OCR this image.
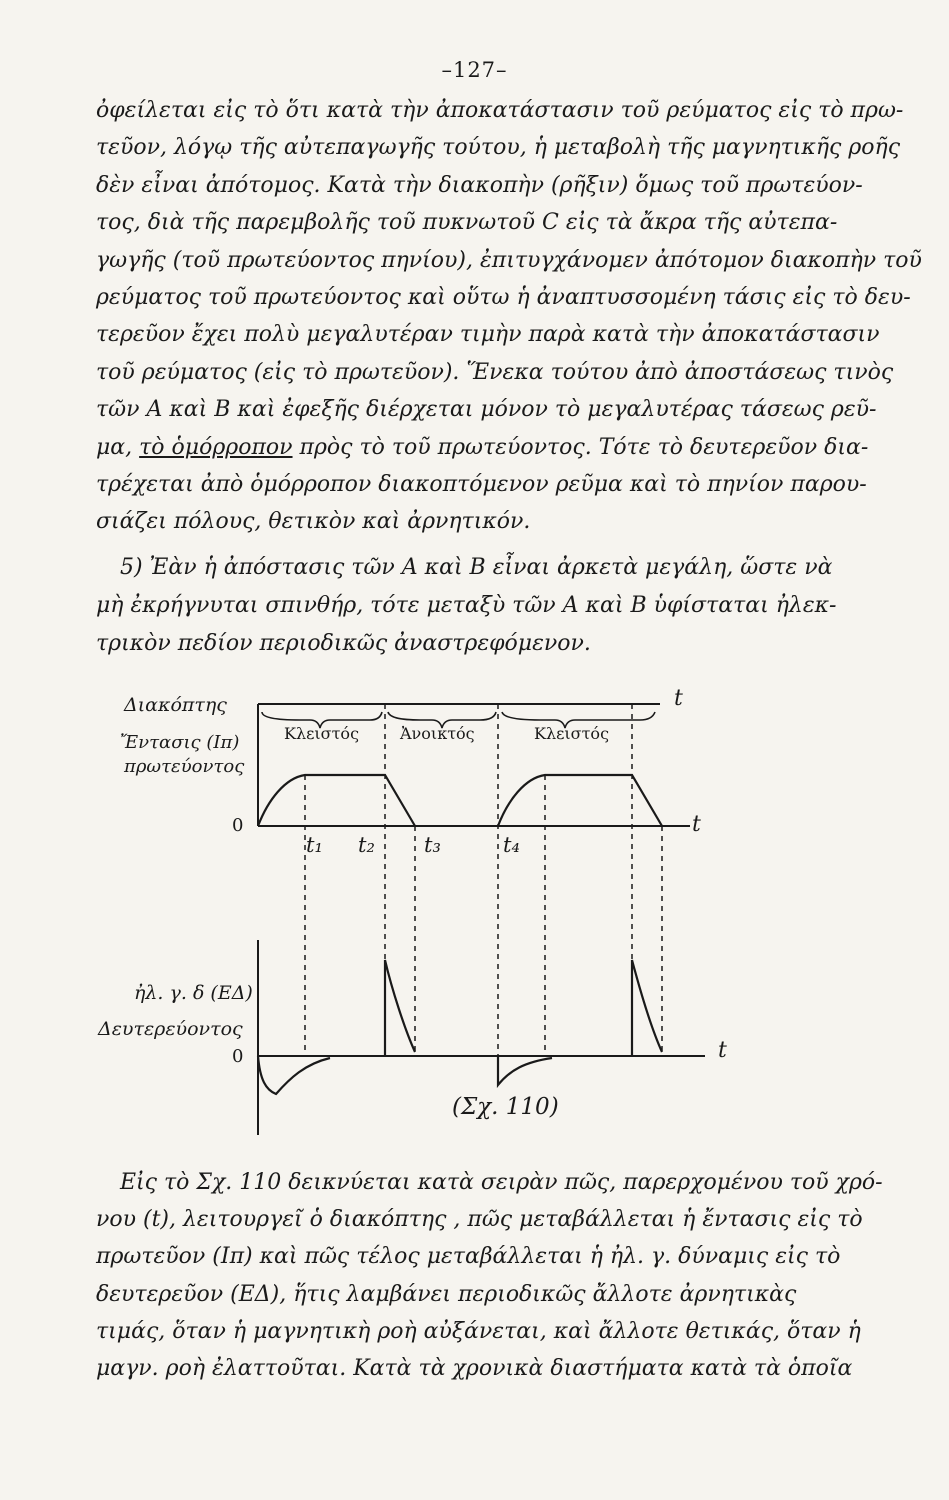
–127–
ὀφείλεται εἰς τὸ ὅτι κατὰ τὴν ἀποκατάστασιν τοῦ ρεύματος εἰς τὸ πρω-
τεῦον, λόγῳ τῆς αὐτεπαγωγῆς τούτου, ἡ μεταβολὴ τῆς μαγνητικῆς ροῆς
δὲν εἶναι ἀπότομος. Κατὰ τὴν διακοπὴν (ρῆξιν) ὅμως τοῦ πρωτεύον-
τος, διὰ τῆς παρεμβολῆς τοῦ πυκνωτοῦ C εἰς τὰ ἄκρα τῆς αὐτεπα-
γωγῆς (τοῦ πρωτεύοντος πηνίου), ἐπιτυγχάνομεν ἀπότομον διακοπὴν τοῦ
ρεύματος τοῦ πρωτεύοντος καὶ οὕτω ἡ ἀναπτυσσομένη τάσις εἰς τὸ δευ-
τερεῦον ἔχει πολὺ μεγαλυτέραν τιμὴν παρὰ κατὰ τὴν ἀποκατάστασιν
τοῦ ρεύματος (εἰς τὸ πρωτεῦον). Ἕνεκα τούτου ἀπὸ ἀποστάσεως τινὸς
τῶν Α καὶ Β καὶ ἐφεξῆς διέρχεται μόνον τὸ μεγαλυτέρας τάσεως ρεῦ-
μα, τὸ ὁμόρροπον πρὸς τὸ τοῦ πρωτεύοντος. Τότε τὸ δευτερεῦον δια-
τρέχεται ἀπὸ ὁμόρροπον διακοπτόμενον ρεῦμα καὶ τὸ πηνίον παρου-
σιάζει πόλους, θετικὸν καὶ ἀρνητικόν.
5) Ἐὰν ἡ ἀπόστασις τῶν Α καὶ Β εἶναι ἀρκετὰ μεγάλη, ὥστε νὰ
μὴ ἐκρήγνυται σπινθήρ, τότε μεταξὺ τῶν Α καὶ Β ὑφίσταται ἠλεκ-
τρικὸν πεδίον περιοδικῶς ἀναστρεφόμενον.
Διακόπτης
Ἔντασις (Ιπ)
πρωτεύοντος
0
t
t
t
Κλειστός	Ἀνοικτός	Κλειστός
t₁ t₂ t₃	t₄
ἠλ. γ. δ (ΕΔ)
Δευτερεύοντος
0
(Σχ. 110)
Εἰς τὸ Σχ. 110 δεικνύεται κατὰ σειρὰν πῶς, παρερχομένου τοῦ χρό-
νου (t), λειτουργεῖ ὁ διακόπτης , πῶς μεταβάλλεται ἡ ἔντασις εἰς τὸ
πρωτεῦον (Ιπ) καὶ πῶς τέλος μεταβάλλεται ἡ ἠλ. γ. δύναμις εἰς τὸ
δευτερεῦον (ΕΔ), ἥτις λαμβάνει περιοδικῶς ἄλλοτε ἀρνητικὰς
τιμάς, ὅταν ἡ μαγνητικὴ ροὴ αὐξάνεται, καὶ ἄλλοτε θετικάς, ὅταν ἡ
μαγν. ροὴ ἐλαττοῦται. Κατὰ τὰ χρονικὰ διαστήματα κατὰ τὰ ὁποῖα
